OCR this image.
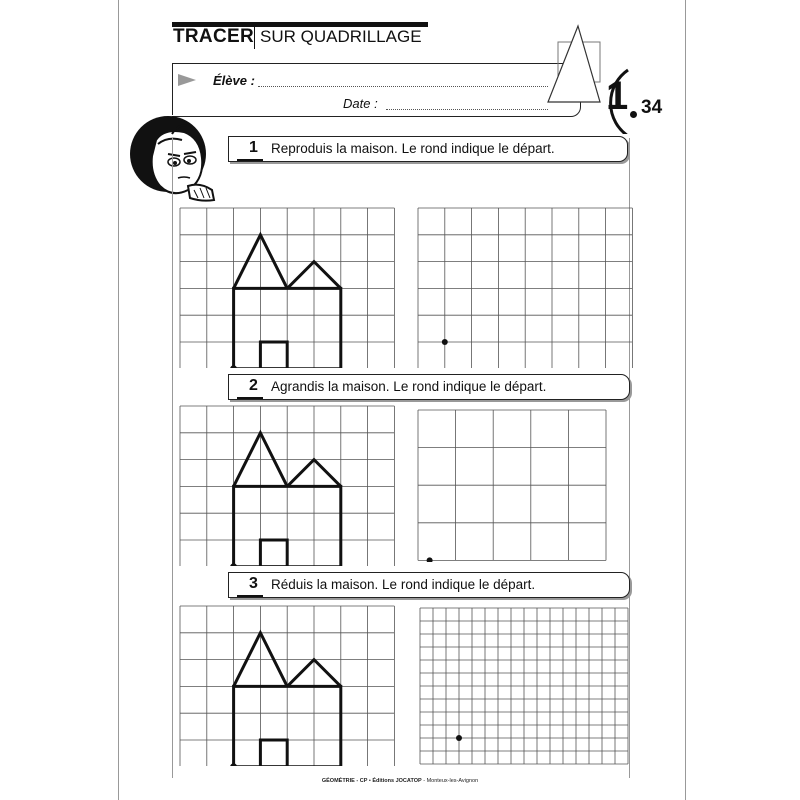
TRACER SUR QUADRILLAGE
Élève :
Date :	1 34
1 Reproduis la maison. Le rond indique le départ.
2 Agrandis la maison. Le rond indique le départ.
3 Réduis la maison. Le rond indique le départ.
GÉOMÉTRIE - CP • Éditions JOCATOP - Monteux-les-Avignon
